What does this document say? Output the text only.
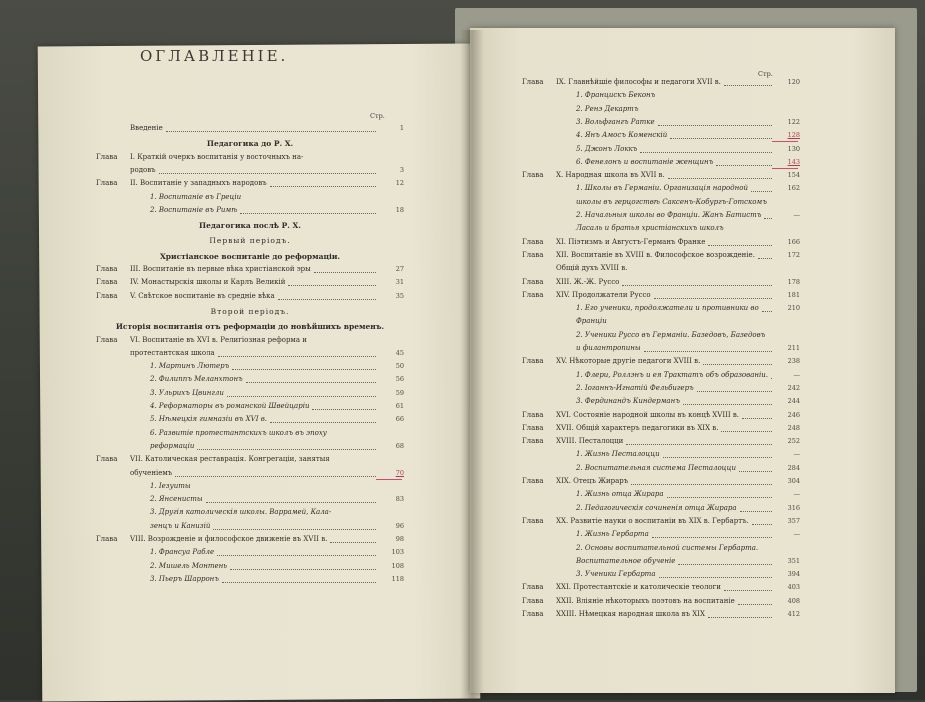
ОГЛАВЛЕНІЕ.
Стр.
Стр.
Введеніе	1
Педагогика до Р. Х.
Глава I. Краткій очеркъ воспитанія у восточныхъ на-
родовъ	3
Глава II. Воспитаніе у западныхъ народовъ	12
1. Воспитаніе въ Греціи
2. Воспитаніе въ Римѣ	18
Педагогика послѣ Р. Х.
Первый періодъ.
Христіанское воспитаніе до реформаціи.
Глава III. Воспитаніе въ первые вѣка христіанской эры	27
Глава IV. Монастырскія школы и Карлъ Великій	31
Глава V. Свѣтское воспитаніе въ средніе вѣка	35
Второй періодъ.
Исторія воспитанія отъ реформаціи до новѣйшихъ временъ.
Глава VI. Воспитаніе въ XVI в. Религіозная реформа и
протестантская школа	45
1. Мартинъ Лютеръ	50
2. Филиппъ Меланхтонъ	56
3. Ульрихъ Цвингли	59
4. Реформаторы въ романской Швейцаріи	61
5. Нѣмецкія гимназіи въ XVI в.	66
6. Развитіе протестантскихъ школъ въ эпоху
реформаціи	68
Глава VII. Католическая реставрація. Конгрегаціи, занятыя
обученіемъ	70
1. Іезуиты
2. Янсенисты	83
3. Другія католическія школы. Варрамей, Кала-
зенцъ и Канизій	96
Глава VIII. Возрожденіе и философское движеніе въ XVII в.	98
1. Франсуа Рабле	103
2. Мишель Монтень	108
3. Пьеръ Шарронъ	118
Глава IX. Главнѣйшіе философы и педагоги XVII в.	120
1. Францискъ Беконъ
2. Ренэ Декартъ
3. Вольфгангъ Ратке	122
4. Янъ Амосъ Коменскій	128
5. Джонъ Локкъ	130
6. Фенелонъ и воспитаніе женщинъ	143
Глава X. Народная школа въ XVII в.	154
1. Школы въ Германіи. Организація народной	162
школы въ герцогствѣ Саксенъ-Кобургъ-Готскомъ
2. Начальныя школы во Франціи. Жанъ Батистъ	—
Лаcаль и братья христіанскихъ школъ
Глава XI. Піэтизмъ и Августъ-Германъ Франке	166
Глава XII. Воспитаніе въ XVIII в. Философское возрожденіе.	172
Общій духъ XVIII в.
Глава XIII. Ж.-Ж. Руссо	178
Глава XIV. Продолжатели Руссо	181
1. Его ученики, продолжатели и противники во	210
Франціи
2. Ученики Руссо въ Германіи. Базедовъ, Базедовъ
и филантропины	211
Глава XV. Нѣкоторые другіе педагоги XVIII в.	238
1. Флери, Роллэнъ и ея Трактатъ объ образованіи.	—
2. Іоганнъ-Игнатій Фельбигеръ	242
3. Фердинандъ Киндерманъ	244
Глава XVI. Состояніе народной школы въ концѣ XVIII в.	246
Глава XVII. Общій характеръ педагогики въ XIX в.	248
Глава XVIII. Песталоцци	252
1. Жизнь Песталоцци	—
2. Воспитательная система Песталоцци	284
Глава XIX. Отецъ Жираръ	304
1. Жизнь отца Жирара	—
2. Педагогическія сочиненія отца Жирара	316
Глава XX. Развитіе науки о воспитаніи въ XIX в. Гербартъ.	357
1. Жизнь Гербарта	—
2. Основы воспитательной системы Гербарта.
Воспитательное обученіе	351
3. Ученики Гербарта	394
Глава XXI. Протестантскіе и католическіе теологи	403
Глава XXII. Вліяніе нѣкоторыхъ поэтовъ на воспитаніе	408
Глава XXIII. Нѣмецкая народная школа въ XIX	412
